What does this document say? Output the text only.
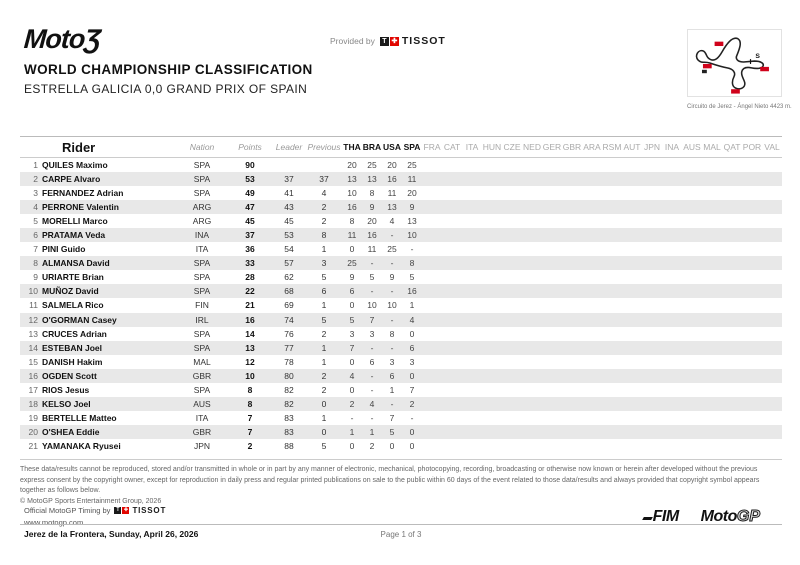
MotoƷ	Provided by	T ✚ TISSOT
S
Circuito de Jerez - Ángel Nieto 4423 m.
WORLD CHAMPIONSHIP CLASSIFICATION
ESTRELLA GALICIA 0,0 GRAND PRIX OF SPAIN
	Rider	Nation	Points	Leader	Previous	THA	BRA	USA	SPA	FRA	CAT	ITA	HUN	CZE	NED	GER	GBR	ARA	RSM	AUT	JPN	INA	AUS	MAL	QAT	POR	VAL
1	QUILES Maximo	SPA	90			20	25	20	25																		
2	CARPE Alvaro	SPA	53	37	37	13	13	16	11																		
3	FERNANDEZ Adrian	SPA	49	41	4	10	8	11	20																		
4	PERRONE Valentin	ARG	47	43	2	16	9	13	9																		
5	MORELLI Marco	ARG	45	45	2	8	20	4	13																		
6	PRATAMA Veda	INA	37	53	8	11	16	-	10																		
7	PINI Guido	ITA	36	54	1	0	11	25	-																		
8	ALMANSA David	SPA	33	57	3	25	-	-	8																		
9	URIARTE Brian	SPA	28	62	5	9	5	9	5																		
10	MUÑOZ David	SPA	22	68	6	6	-	-	16																		
11	SALMELA Rico	FIN	21	69	1	0	10	10	1																		
12	O'GORMAN Casey	IRL	16	74	5	5	7	-	4																		
13	CRUCES Adrian	SPA	14	76	2	3	3	8	0																		
14	ESTEBAN Joel	SPA	13	77	1	7	-	-	6																		
15	DANISH Hakim	MAL	12	78	1	0	6	3	3																		
16	OGDEN Scott	GBR	10	80	2	4	-	6	0																		
17	RIOS Jesus	SPA	8	82	2	0	-	1	7																		
18	KELSO Joel	AUS	8	82	0	2	4	-	2																		
19	BERTELLE Matteo	ITA	7	83	1	-	-	7	-																		
20	O'SHEA Eddie	GBR	7	83	0	1	1	5	0																		
21	YAMANAKA Ryusei	JPN	2	88	5	0	2	0	0																		
These data/results cannot be reproduced, stored and/or transmitted in whole or in part by any manner of electronic, mechanical, photocopying, recording, broadcasting or otherwise now known or herein after developed without the previous express consent by the copyright owner, except for reproduction in daily press and regular printed publications on sale to the public within 60 days of the event related to those data/results and always provided that copyright symbol appears together as follows below.
© MotoGP Sports Entertainment Group, 2026
Official MotoGP Timing by	T ✚ TISSOT
www.motogp.com
Jerez de la Frontera, Sunday, April 26, 2026	Page 1 of 3
FIM MotoGP
